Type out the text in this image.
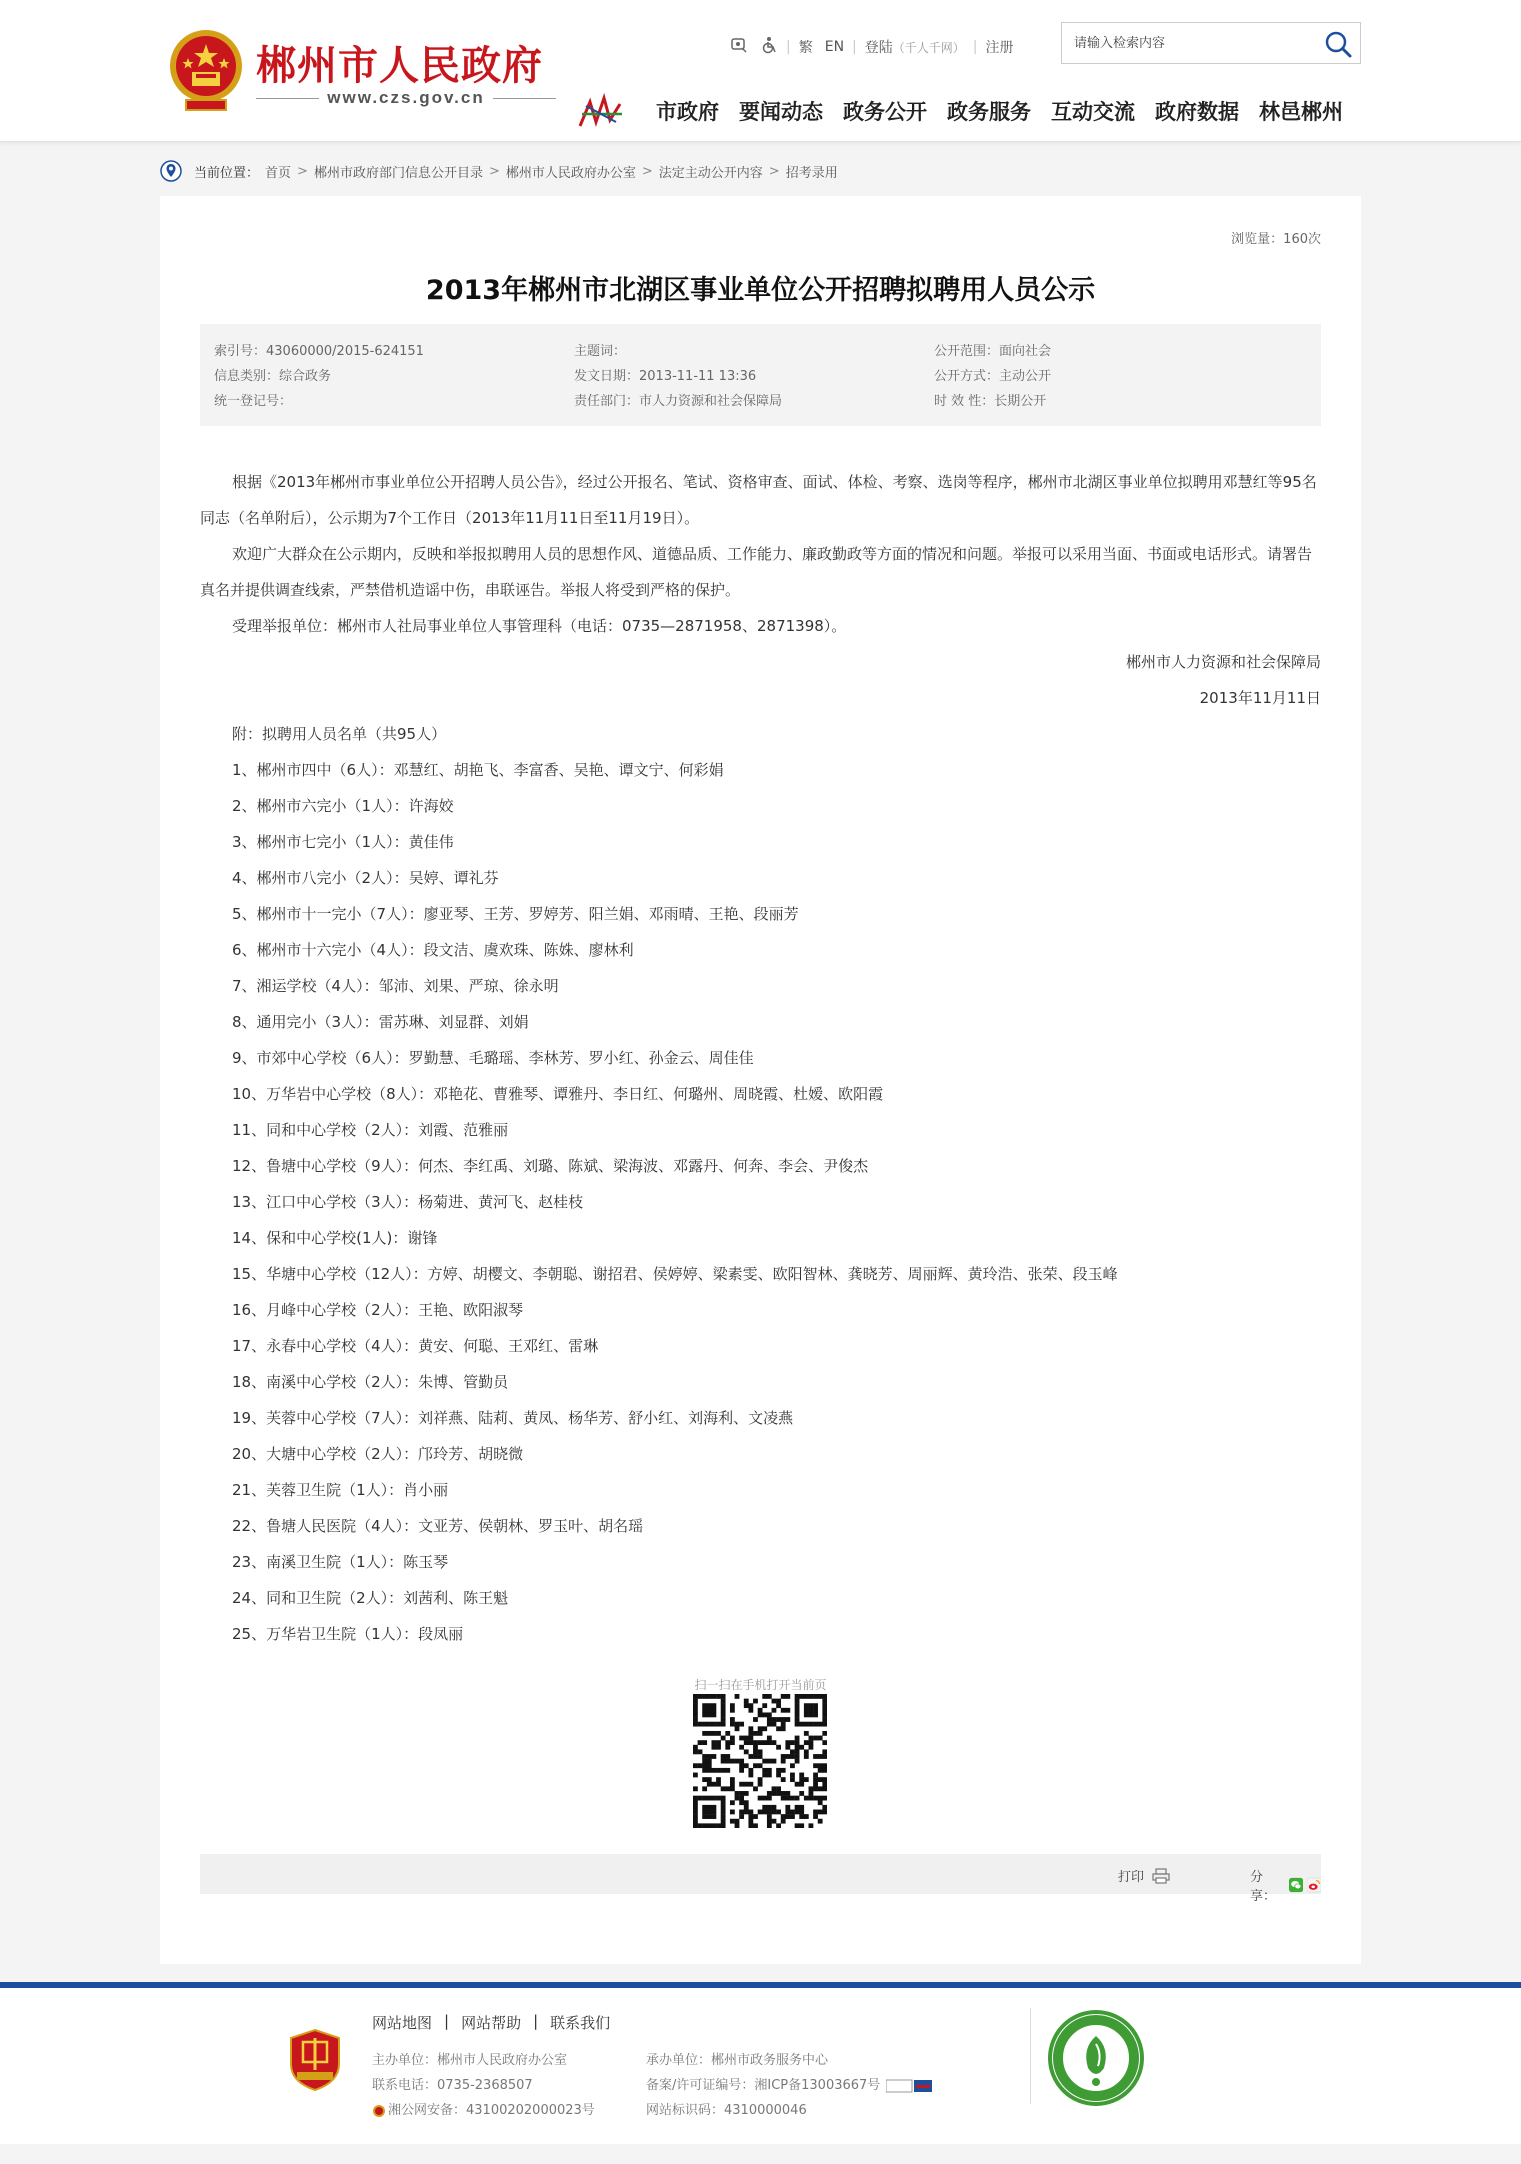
郴州市人民政府
www.czs.gov.cn
| 繁 EN | 登陆（千人千网） | 注册
请输入检索内容
市政府 要闻动态 政务公开 政务服务 互动交流 政府数据 林邑郴州
当前位置： 首页 > 郴州市政府部门信息公开目录 > 郴州市人民政府办公室 > 法定主动公开内容 > 招考录用
浏览量：160次
2013年郴州市北湖区事业单位公开招聘拟聘用人员公示
索引号：43060000/2015-624151
信息类别：综合政务
统一登记号：
主题词：
发文日期：2013-11-11 13:36
责任部门：市人力资源和社会保障局
公开范围：面向社会
公开方式：主动公开
时 效 性：长期公开

根据《2013年郴州市事业单位公开招聘人员公告》，经过公开报名、笔试、资格审查、面试、体检、考察、选岗等程序，郴州市北湖区事业单位拟聘用邓慧红等95名同志（名单附后），公示期为7个工作日（2013年11月11日至11月19日）。

欢迎广大群众在公示期内，反映和举报拟聘用人员的思想作风、道德品质、工作能力、廉政勤政等方面的情况和问题。举报可以采用当面、书面或电话形式。请署告真名并提供调查线索，严禁借机造谣中伤，串联诬告。举报人将受到严格的保护。

受理举报单位：郴州市人社局事业单位人事管理科（电话：0735—2871958、2871398）。

郴州市人力资源和社会保障局

2013年11月11日

附：拟聘用人员名单（共95人）

1、郴州市四中（6人）：邓慧红、胡艳飞、李富香、吴艳、谭文宁、何彩娟

2、郴州市六完小（1人）：许海姣

3、郴州市七完小（1人）：黄佳伟

4、郴州市八完小（2人）：吴婷、谭礼芬

5、郴州市十一完小（7人）：廖亚琴、王芳、罗婷芳、阳兰娟、邓雨晴、王艳、段丽芳

6、郴州市十六完小（4人）：段文洁、虞欢珠、陈姝、廖林利

7、湘运学校（4人）：邹沛、刘果、严琼、徐永明

8、通用完小（3人）：雷苏琳、刘显群、刘娟

9、市郊中心学校（6人）：罗勤慧、毛璐瑶、李林芳、罗小红、孙金云、周佳佳

10、万华岩中心学校（8人）：邓艳花、曹雅琴、谭雅丹、李日红、何璐州、周晓霞、杜嫒、欧阳霞

11、同和中心学校（2人）：刘霞、范雅丽

12、鲁塘中心学校（9人）：何杰、李红禹、刘璐、陈斌、梁海波、邓露丹、何奔、李会、尹俊杰

13、江口中心学校（3人）：杨菊进、黄河飞、赵桂枝

14、保和中心学校(1人)：谢锋

15、华塘中心学校（12人）：方婷、胡樱文、李朝聪、谢招君、侯婷婷、梁素雯、欧阳智林、龚晓芳、周丽辉、黄玲浩、张荣、段玉峰

16、月峰中心学校（2人）：王艳、欧阳淑琴

17、永春中心学校（4人）：黄安、何聪、王邓红、雷琳

18、南溪中心学校（2人）：朱博、管勤员

19、芙蓉中心学校（7人）：刘祥燕、陆莉、黄凤、杨华芳、舒小红、刘海利、文凌燕

20、大塘中心学校（2人）：邝玲芳、胡晓微

21、芙蓉卫生院（1人）：肖小丽

22、鲁塘人民医院（4人）：文亚芳、侯朝林、罗玉叶、胡名瑶

23、南溪卫生院（1人）：陈玉琴

24、同和卫生院（2人）：刘茜利、陈王魁

25、万华岩卫生院（1人）：段凤丽

扫一扫在手机打开当前页
打印	分享：
网站地图 | 网站帮助 | 联系我们
主办单位：郴州市人民政府办公室
联系电话：0735-2368507
湘公网安备：43100202000023号
承办单位：郴州市政务服务中心
备案/许可证编号：湘ICP备13003667号
网站标识码：4310000046
